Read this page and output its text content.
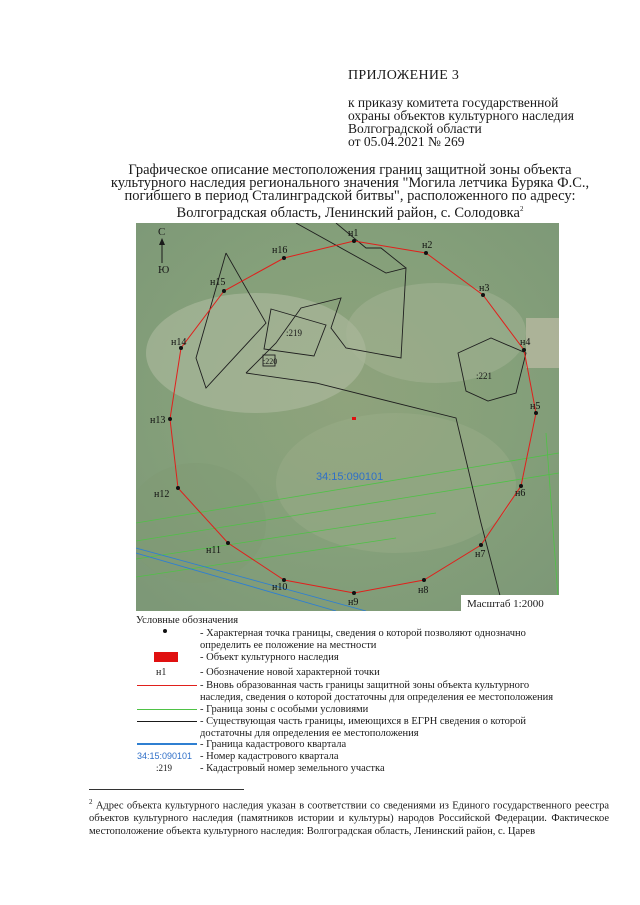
ПРИЛОЖЕНИЕ 3
к приказу комитета государственной
охраны объектов культурного наследия
Волгоградской области
от 05.04.2021 № 269
Графическое описание местоположения границ защитной зоны объекта
культурного наследия регионального значения "Могила летчика Буряка Ф.С.,
погибшего в период Сталинградской битвы", расположенного по адресу:
Волгоградская область, Ленинский район, с. Солодовка$^2$
н1
н2
н3
н4
н5
н6
н7
н8
н9
н10
н11
н12
н13
н14
н15
н16
:219
:220
:221
34:15:090101
С
Ю
Масштаб 1:2000
Условные обозначения
- Характерная точка границы, сведения о которой позволяют однозначно определить ее положение на местности
- Объект культурного наследия
н1	- Обозначение новой характерной точки
- Вновь образованная часть границы защитной зоны объекта культурного наследия, сведения о которой достаточны для определения ее местоположения
- Граница зоны с особыми условиями
- Существующая часть границы, имеющихся в ЕГРН сведения о которой достаточны для определения ее местоположения
- Граница кадастрового квартала
34:15:090101 - Номер кадастрового квартала
:219	- Кадастровый номер земельного участка
$^2$ Адрес объекта культурного наследия указан в соответствии со сведениями из Единого государственного реестра объектов культурного наследия (памятников истории и культуры) народов Российской Федерации. Фактическое местоположение объекта культурного наследия: Волгоградская область, Ленинский район, с. Царев
